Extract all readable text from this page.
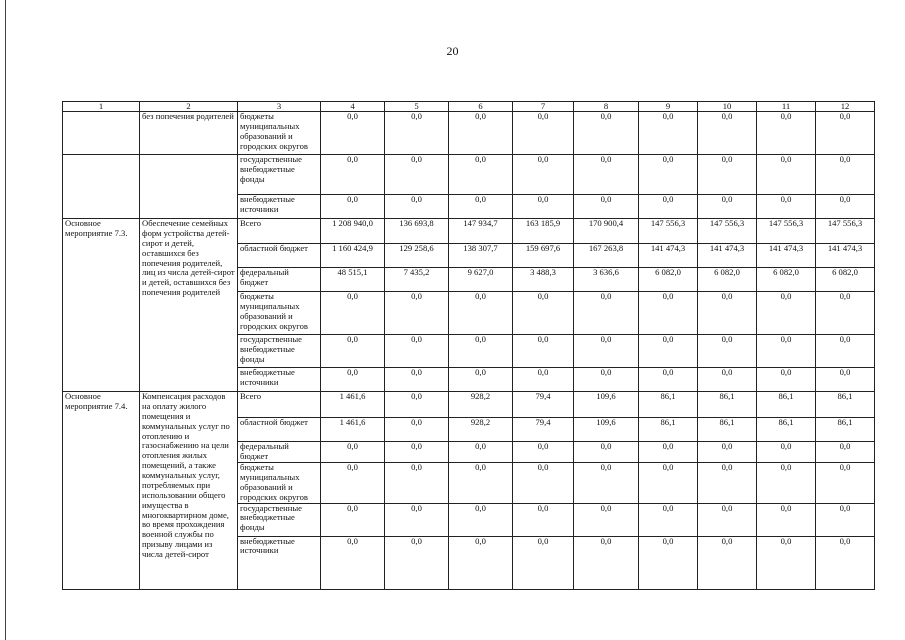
20
1	2	3	4	5	6	7	8	9	10	11	12
	без попечения родителей	бюджеты муниципальных образований и городских округов	0,0	0,0	0,0	0,0	0,0	0,0	0,0	0,0	0,0
		государственные внебюджетные фонды	0,0	0,0	0,0	0,0	0,0	0,0	0,0	0,0	0,0
		внебюджетные источники	0,0	0,0	0,0	0,0	0,0	0,0	0,0	0,0	0,0
Основное мероприятие 7.3.	Обеспечение семейных форм устройства детей-сирот и детей, оставшихся без попечения родителей, лиц из числа детей-сирот и детей, оставшихся без попечения родителей	Всего	1 208 940,0	136 693,8	147 934,7	163 185,9	170 900,4	147 556,3	147 556,3	147 556,3	147 556,3
		областной бюджет	1 160 424,9	129 258,6	138 307,7	159 697,6	167 263,8	141 474,3	141 474,3	141 474,3	141 474,3
		федеральный бюджет	48 515,1	7 435,2	9 627,0	3 488,3	3 636,6	6 082,0	6 082,0	6 082,0	6 082,0
		бюджеты муниципальных образований и городских округов	0,0	0,0	0,0	0,0	0,0	0,0	0,0	0,0	0,0
		государственные внебюджетные фонды	0,0	0,0	0,0	0,0	0,0	0,0	0,0	0,0	0,0
		внебюджетные источники	0,0	0,0	0,0	0,0	0,0	0,0	0,0	0,0	0,0
Основное мероприятие 7.4.	Компенсация расходов на оплату жилого помещения и коммунальных услуг по отоплению и газоснабжению на цели отопления жилых помещений, а также коммунальных услуг, потребляемых при использовании общего имущества в многоквартирном доме, во время прохождения военной службы по призыву лицами из числа детей-сирот	Всего	1 461,6	0,0	928,2	79,4	109,6	86,1	86,1	86,1	86,1
		областной бюджет	1 461,6	0,0	928,2	79,4	109,6	86,1	86,1	86,1	86,1
		федеральный бюджет	0,0	0,0	0,0	0,0	0,0	0,0	0,0	0,0	0,0
		бюджеты муниципальных образований и городских округов	0,0	0,0	0,0	0,0	0,0	0,0	0,0	0,0	0,0
		государственные внебюджетные фонды	0,0	0,0	0,0	0,0	0,0	0,0	0,0	0,0	0,0
		внебюджетные источники	0,0	0,0	0,0	0,0	0,0	0,0	0,0	0,0	0,0
